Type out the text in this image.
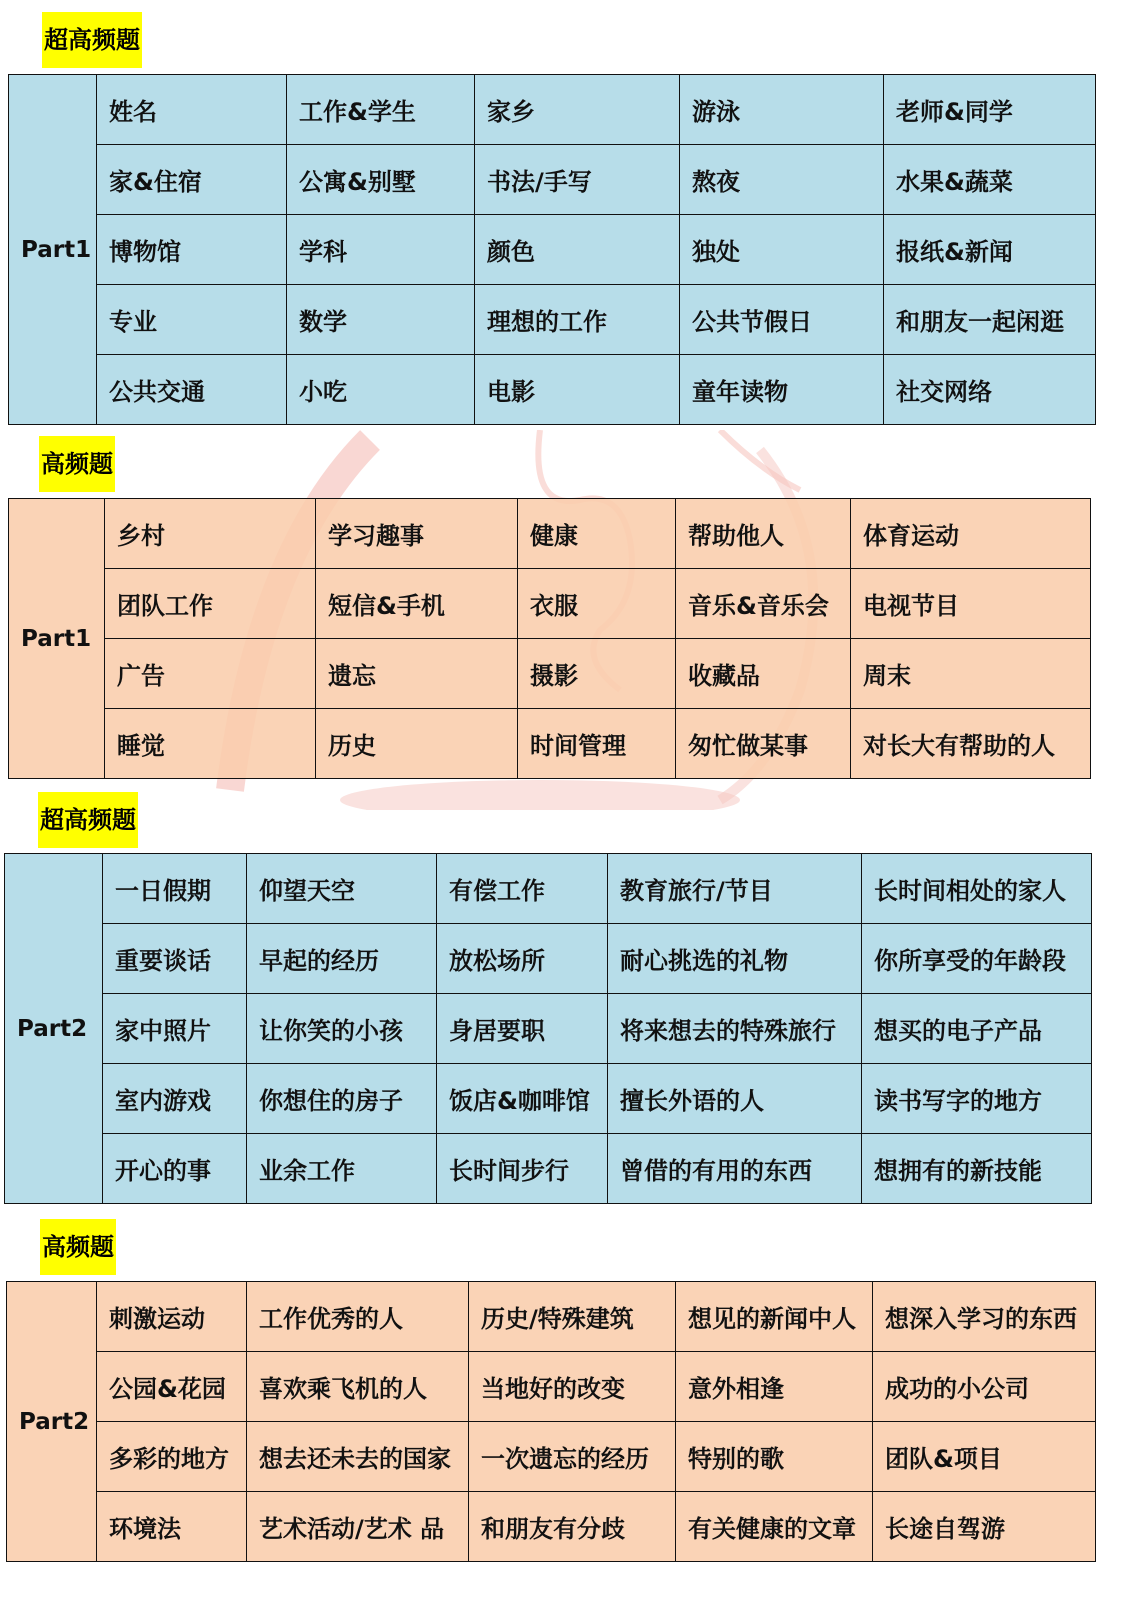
超高频题
Part1	姓名	工作&学生	家乡	游泳	老师&同学
	家&住宿	公寓&别墅	书法/手写	熬夜	水果&蔬菜
	博物馆	学科	颜色	独处	报纸&新闻
	专业	数学	理想的工作	公共节假日	和朋友一起闲逛
	公共交通	小吃	电影	童年读物	社交网络
高频题
Part1	乡村	学习趣事	健康	帮助他人	体育运动
	团队工作	短信&手机	衣服	音乐&音乐会	电视节目
	广告	遗忘	摄影	收藏品	周末
	睡觉	历史	时间管理	匆忙做某事	对长大有帮助的人
超高频题
Part2	一日假期	仰望天空	有偿工作	教育旅行/节目	长时间相处的家人
	重要谈话	早起的经历	放松场所	耐心挑选的礼物	你所享受的年龄段
	家中照片	让你笑的小孩	身居要职	将来想去的特殊旅行	想买的电子产品
	室内游戏	你想住的房子	饭店&咖啡馆	擅长外语的人	读书写字的地方
	开心的事	业余工作	长时间步行	曾借的有用的东西	想拥有的新技能
高频题
Part2	刺激运动	工作优秀的人	历史/特殊建筑	想见的新闻中人	想深入学习的东西
	公园&花园	喜欢乘飞机的人	当地好的改变	意外相逢	成功的小公司
	多彩的地方	想去还未去的国家	一次遗忘的经历	特别的歌	团队&项目
	环境法	艺术活动/艺术 品	和朋友有分歧	有关健康的文章	长途自驾游
